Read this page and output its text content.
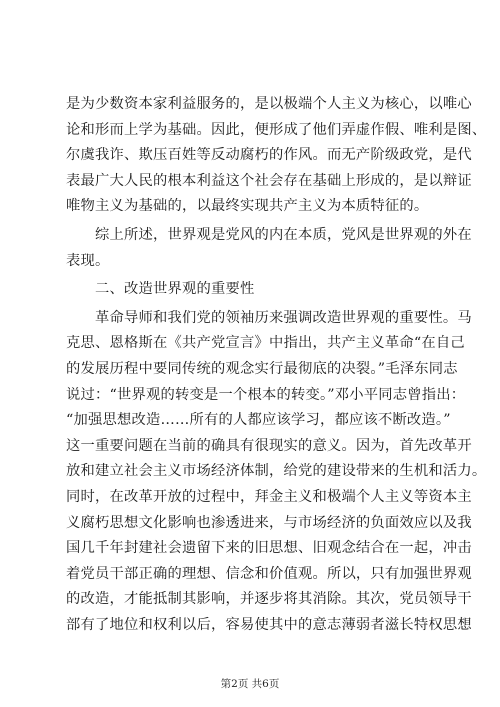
是为少数资本家利益服务的，是以极端个人主义为核心，以唯心
论和形而上学为基础。因此，便形成了他们弄虚作假、唯利是图、
尔虞我诈、欺压百姓等反动腐朽的作风。而无产阶级政党，是代
表最广大人民的根本利益这个社会存在基础上形成的，是以辩证
唯物主义为基础的，以最终实现共产主义为本质特征的。
　　综上所述，世界观是党风的内在本质，党风是世界观的外在
表现。
　　二、改造世界观的重要性
　　革命导师和我们党的领袖历来强调改造世界观的重要性。马
克思、恩格斯在《共产党宣言》中指出，共产主义革命“在自己
的发展历程中要同传统的观念实行最彻底的决裂。”毛泽东同志
说过：“世界观的转变是一个根本的转变。”邓小平同志曾指出：
“加强思想改造……所有的人都应该学习，都应该不断改造。”
这一重要问题在当前的确具有很现实的意义。因为，首先改革开
放和建立社会主义市场经济体制，给党的建设带来的生机和活力。
同时，在改革开放的过程中，拜金主义和极端个人主义等资本主
义腐朽思想文化影响也渗透进来，与市场经济的负面效应以及我
国几千年封建社会遗留下来的旧思想、旧观念结合在一起，冲击
着党员干部正确的理想、信念和价值观。所以，只有加强世界观
的改造，才能抵制其影响，并逐步将其消除。其次，党员领导干
部有了地位和权利以后，容易使其中的意志薄弱者滋长特权思想
第2页 共6页
